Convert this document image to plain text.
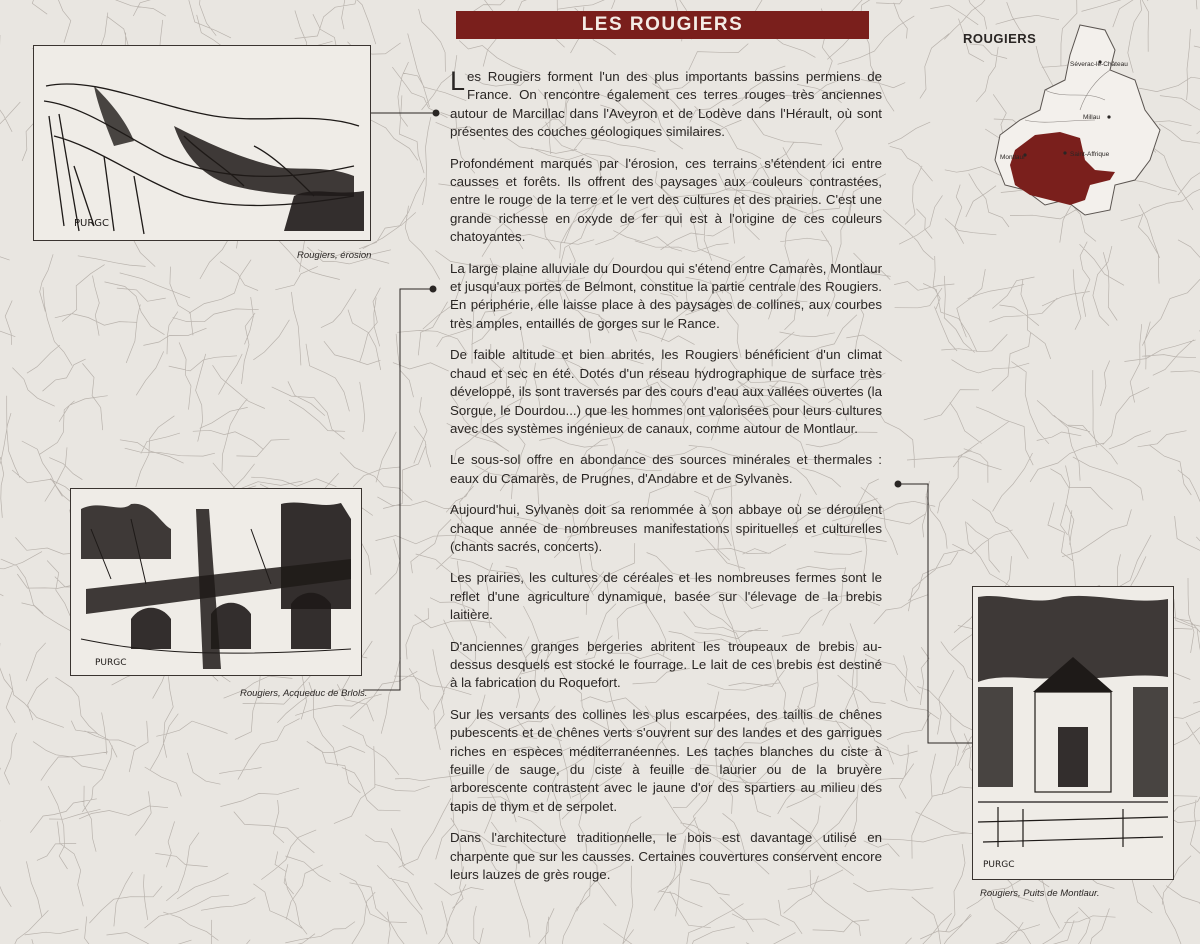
LES ROUGIERS

Les Rougiers forment l'un des plus importants bassins permiens de France. On rencontre également ces terres rouges très anciennes autour de Marcillac dans l'Aveyron et de Lodève dans l'Hérault, où sont présentes des couches géologiques similaires.

Profondément marqués par l'érosion, ces terrains s'étendent ici entre causses et forêts. Ils offrent des paysages aux couleurs contrastées, entre le rouge de la terre et le vert des cultures et des prairies. C'est une grande richesse en oxyde de fer qui est à l'origine de ces couleurs chatoyantes.

La large plaine alluviale du Dourdou qui s'étend entre Camarès, Montlaur et jusqu'aux portes de Belmont, constitue la partie centrale des Rougiers. En périphérie, elle laisse place à des paysages de collines, aux courbes très amples, entaillés de gorges sur le Rance.

De faible altitude et bien abrités, les Rougiers bénéficient d'un climat chaud et sec en été. Dotés d'un réseau hydrographique de surface très développé, ils sont traversés par des cours d'eau aux vallées ouvertes (la Sorgue, le Dourdou...) que les hommes ont valorisées pour leurs cultures avec des systèmes ingénieux de canaux, comme autour de Montlaur.

Le sous-sol offre en abondance des sources minérales et thermales : eaux du Camarès, de Prugnes, d'Andabre et de Sylvanès.

Aujourd'hui, Sylvanès doit sa renommée à son abbaye où se déroulent chaque année de nombreuses manifestations spirituelles et culturelles (chants sacrés, concerts).

Les prairies, les cultures de céréales et les nombreuses fermes sont le reflet d'une agriculture dynamique, basée sur l'élevage de la brebis laitière.

D'anciennes granges bergeries abritent les troupeaux de brebis au-dessus desquels est stocké le fourrage. Le lait de ces brebis est destiné à la fabrication du Roquefort.

Sur les versants des collines les plus escarpées, des taillis de chênes pubescents et de chênes verts s'ouvrent sur des landes et des garrigues riches en espèces méditerranéennes. Les taches blanches du ciste à feuille de sauge, du ciste à feuille de laurier ou de la bruyère arborescente contrastent avec le jaune d'or des spartiers au milieu des tapis de thym et de serpolet.

Dans l'architecture traditionnelle, le bois est davantage utilisé en charpente que sur les causses. Certaines couvertures conservent encore leurs lauzes de grès rouge.

PURGC
Rougiers, érosion
PURGC
Rougiers, Acqueduc de Brlols.
PURGC
Rougiers, Puits de Montlaur.
ROUGIERS
Séverac-le-Château
Millau
Saint-Affrique
Montlaur
